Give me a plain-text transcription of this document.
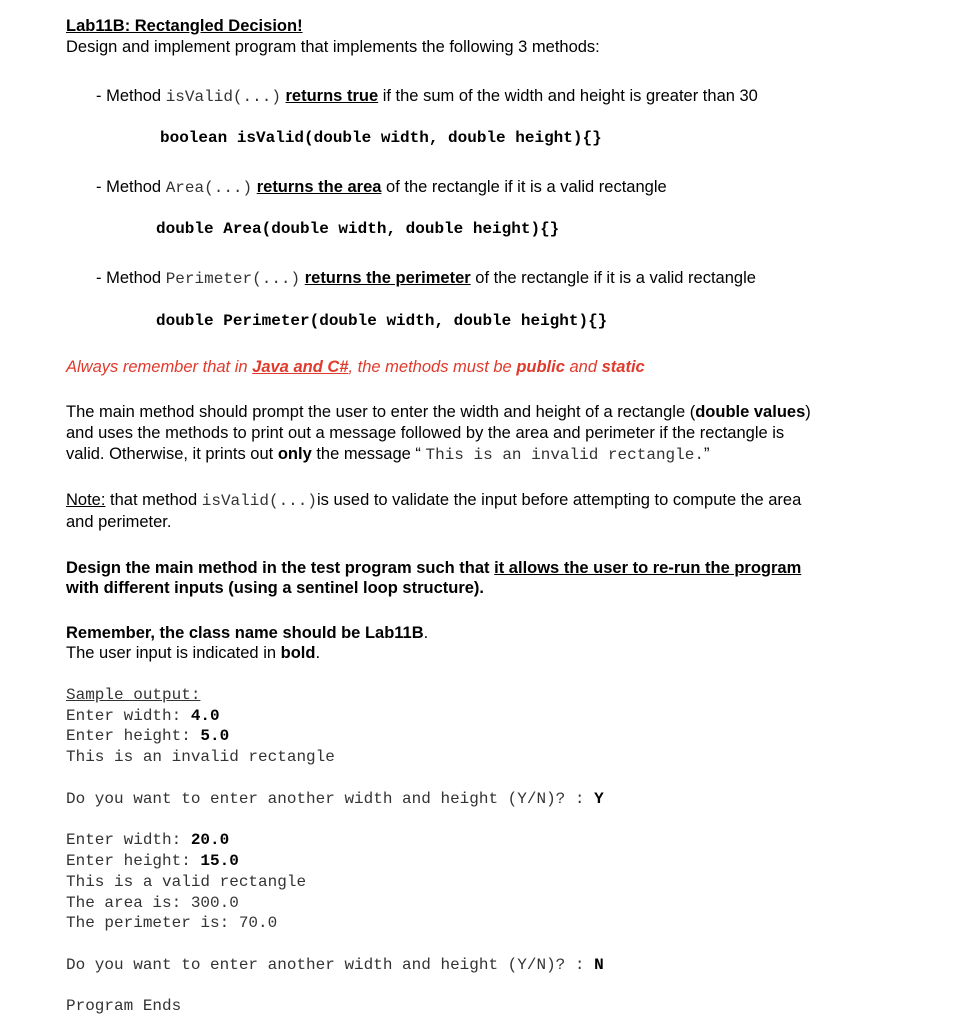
Lab11B: Rectangled Decision!
Design and implement program that implements the following 3 methods:
- Method isValid(...) returns true if the sum of the width and height is greater than 30
boolean isValid(double width, double height){}
- Method Area(...) returns the area of the rectangle if it is a valid rectangle
double Area(double width, double height){}
- Method Perimeter(...) returns the perimeter of the rectangle if it is a valid rectangle
double Perimeter(double width, double height){}
Always remember that in Java and C#, the methods must be public and static
The main method should prompt the user to enter the width and height of a rectangle (double values)
and uses the methods to print out a message followed by the area and perimeter if the rectangle is
valid. Otherwise, it prints out only the message “ This is an invalid rectangle.”
Note: that method isValid(...)is used to validate the input before attempting to compute the area
and perimeter.
Design the main method in the test program such that it allows the user to re-run the program
with different inputs (using a sentinel loop structure).
Remember, the class name should be Lab11B.
The user input is indicated in bold.
Sample output:
Enter width: 4.0
Enter height: 5.0
This is an invalid rectangle
Do you want to enter another width and height (Y/N)? : Y
Enter width: 20.0
Enter height: 15.0
This is a valid rectangle
The area is: 300.0
The perimeter is: 70.0
Do you want to enter another width and height (Y/N)? : N
Program Ends
